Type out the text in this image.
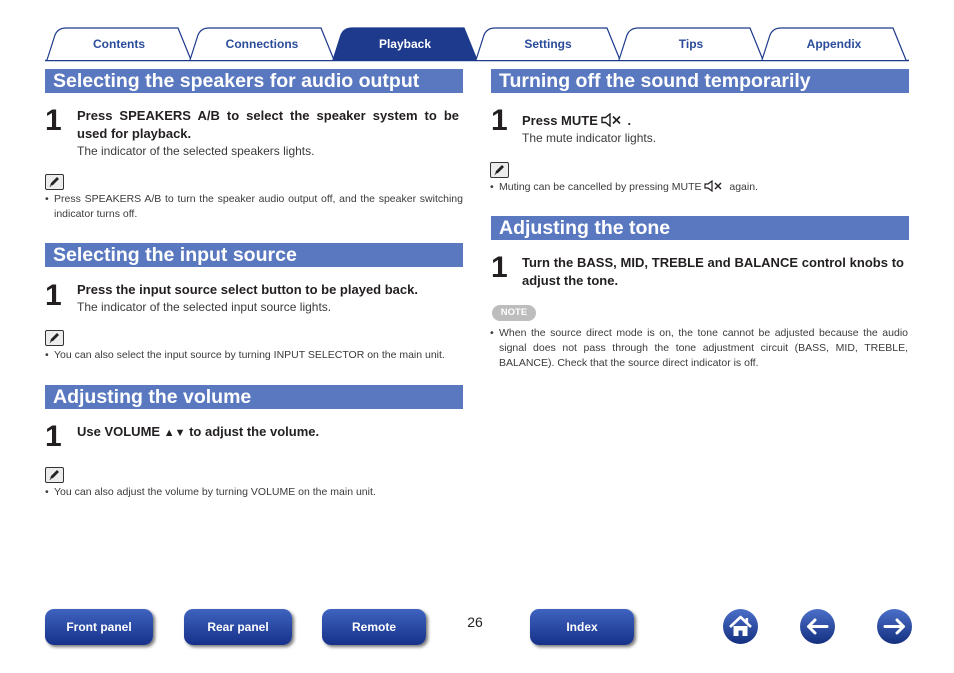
Contents	Connections	Playback	Settings	Tips	Appendix
Selecting the speakers for audio output
1 Press SPEAKERS A/B to select the speaker system to be used for playback.
The indicator of the selected speakers lights.
• Press SPEAKERS A/B to turn the speaker audio output off, and the speaker switching indicator turns off.
Selecting the input source
1 Press the input source select button to be played back.
The indicator of the selected input source lights.
• You can also select the input source by turning INPUT SELECTOR on the main unit.
Adjusting the volume
1 Use VOLUME ▲▼ to adjust the volume.
• You can also adjust the volume by turning VOLUME on the main unit.
Turning off the sound temporarily
1 Press MUTE .
The mute indicator lights.
• Muting can be cancelled by pressing MUTE  again.
Adjusting the tone
1 Turn the BASS, MID, TREBLE and BALANCE control knobs to adjust the tone.
NOTE
• When the source direct mode is on, the tone cannot be adjusted because the audio signal does not pass through the tone adjustment circuit (BASS, MID, TREBLE, BALANCE). Check that the source direct indicator is off.
Front panel	Rear panel	Remote	26	Index
